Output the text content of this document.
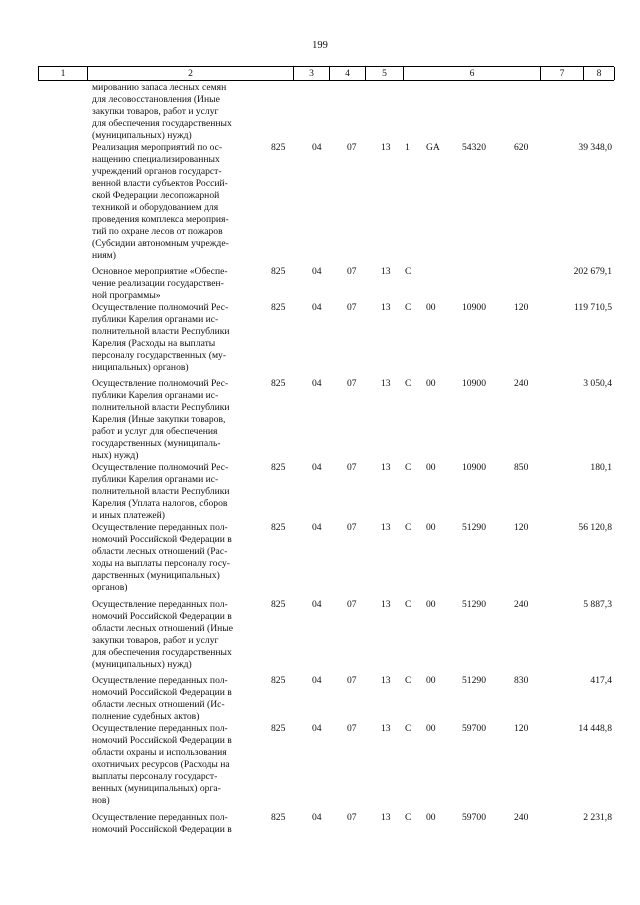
199
1	2	3	4	5	6	7	8
мированию запаса лесных семян
для лесовосстановления (Иные
закупки товаров, работ и услуг
для обеспечения государственных
(муниципальных) нужд)
Реализация мероприятий по ос-
нащению специализированных
учреждений органов государст-
венной власти субъектов Россий-
ской Федерации лесопожарной
техникой и оборудованием для
проведения комплекса мероприя-
тий по охране лесов от пожаров
(Субсидии автономным учрежде-
ниям)
825	04	07	13 1 GA 54320	620	39 348,0
Основное мероприятие «Обеспе-
чение реализации государствен-
ной программы»
825	04	07	13 С	202 679,1
Осуществление полномочий Рес-
публики Карелия органами ис-
полнительной власти Республики
Карелия (Расходы на выплаты
персоналу государственных (му-
ниципальных) органов)
825	04	07	13 С 00	10900	120	119 710,5
Осуществление полномочий Рес-
публики Карелия органами ис-
полнительной власти Республики
Карелия (Иные закупки товаров,
работ и услуг для обеспечения
государственных (муниципаль-
ных) нужд)
825	04	07	13 С 00	10900	240	3 050,4
Осуществление полномочий Рес-
публики Карелия органами ис-
полнительной власти Республики
Карелия (Уплата налогов, сборов
и иных платежей)
825	04	07	13 С 00	10900	850	180,1
Осуществление переданных пол-
номочий Российской Федерации в
области лесных отношений (Рас-
ходы на выплаты персоналу госу-
дарственных (муниципальных)
органов)
825	04	07	13 С 00	51290	120	56 120,8
Осуществление переданных пол-
номочий Российской Федерации в
области лесных отношений (Иные
закупки товаров, работ и услуг
для обеспечения государственных
(муниципальных) нужд)
825	04	07	13 С 00	51290	240	5 887,3
Осуществление переданных пол-
номочий Российской Федерации в
области лесных отношений (Ис-
полнение судебных актов)
825	04	07	13 С 00	51290	830	417,4
Осуществление переданных пол-
номочий Российской Федерации в
области охраны и использования
охотничьих ресурсов (Расходы на
выплаты персоналу государст-
венных (муниципальных) орга-
нов)
825	04	07	13 С 00	59700	120	14 448,8
Осуществление переданных пол-
номочий Российской Федерации в
825	04	07	13 С 00	59700	240	2 231,8
